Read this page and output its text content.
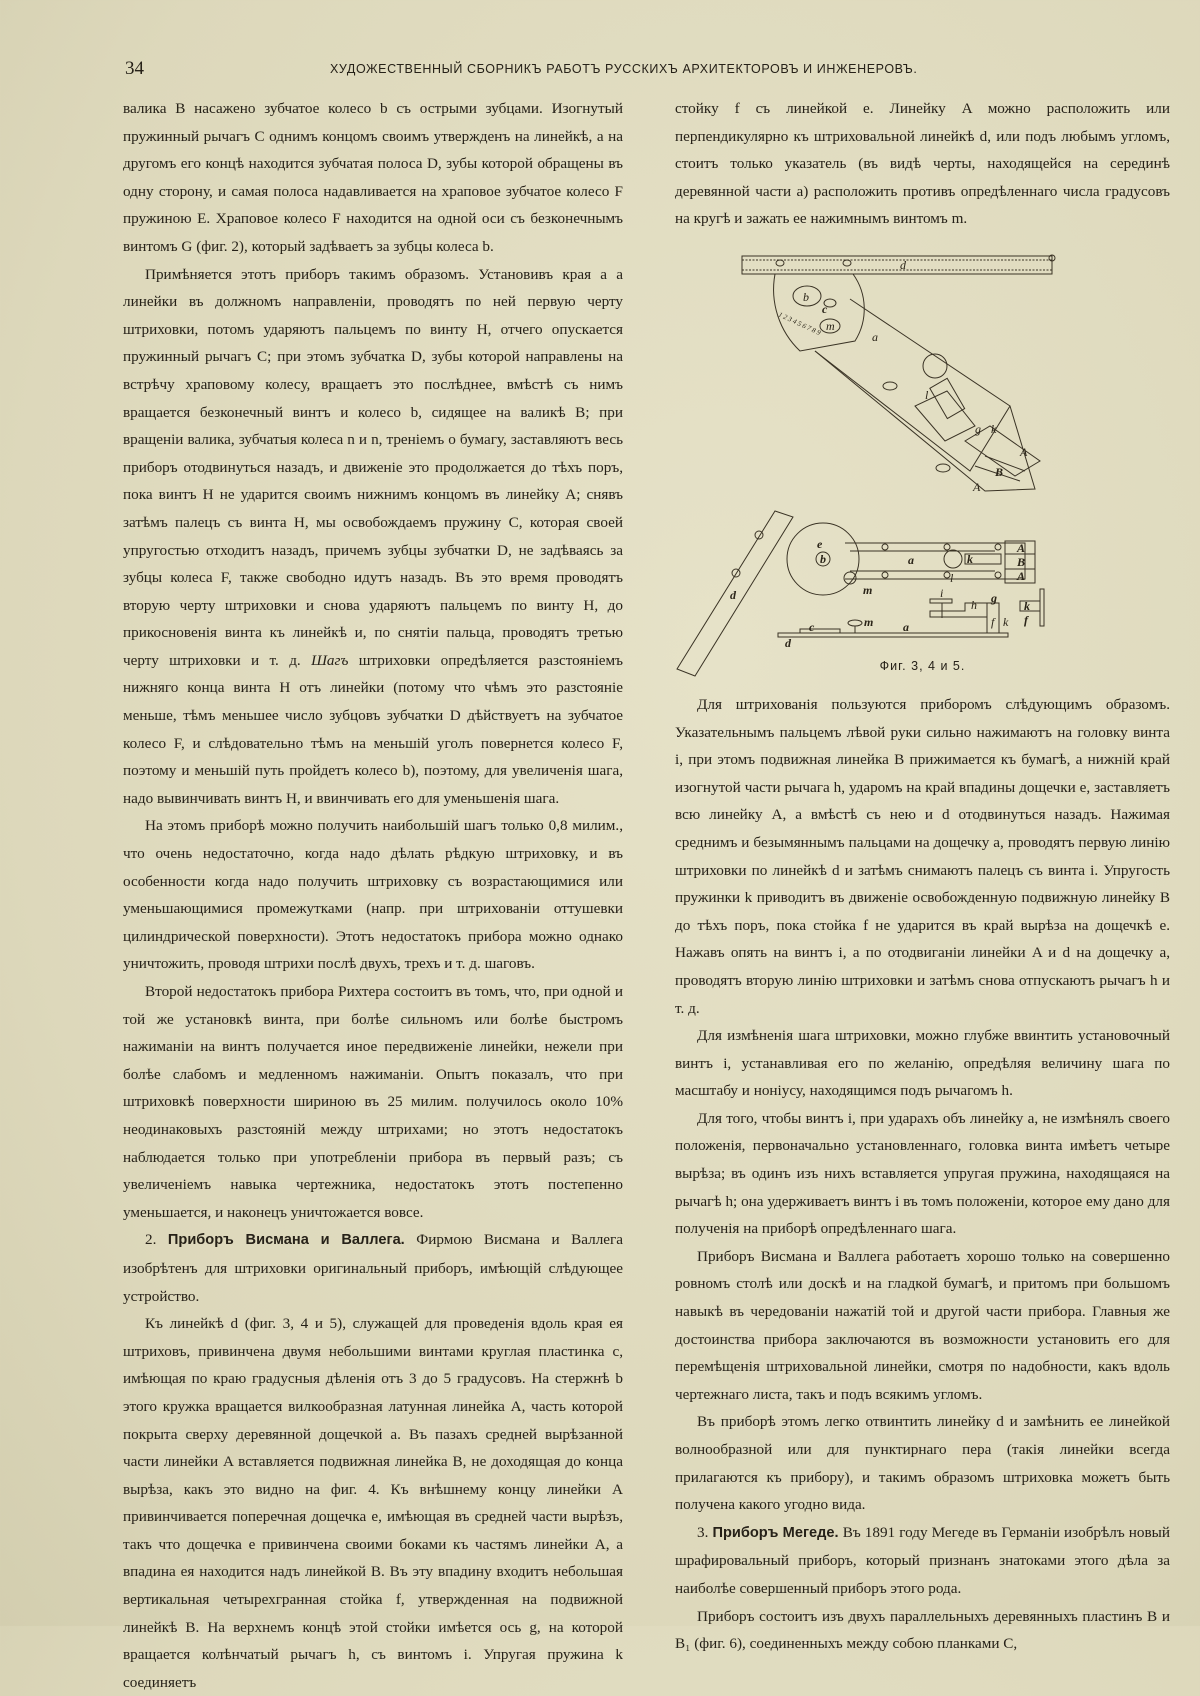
34	ХУДОЖЕСТВЕННЫЙ СБОРНИКЪ РАБОТЪ РУССКИХЪ АРХИТЕКТОРОВЪ И ИНЖЕНЕРОВЪ.

валика В насажено зубчатое колесо b съ острыми зубцами. Изогнутый пружинный рычагъ С однимъ концомъ своимъ утвержденъ на линейкѣ, а на другомъ его концѣ находится зубчатая полоса D, зубы которой обращены въ одну сторону, и самая полоса надавливается на храповое зубчатое колесо F пружиною E. Храповое колесо F находится на одной оси съ безконечнымъ винтомъ G (фиг. 2), который задѣваетъ за зубцы колеса b.

Примѣняется этотъ приборъ такимъ образомъ. Установивъ края a a линейки въ должномъ направленіи, проводятъ по ней первую черту штриховки, потомъ ударяютъ пальцемъ по винту H, отчего опускается пружинный рычагъ C; при этомъ зубчатка D, зубы которой направлены на встрѣчу храповому колесу, вращаетъ это послѣднее, вмѣстѣ съ нимъ вращается безконечный винтъ и колесо b, сидящее на валикѣ B; при вращеніи валика, зубчатыя колеса n и n, треніемъ о бумагу, заставляютъ весь приборъ отодвинуться назадъ, и движеніе это продолжается до тѣхъ поръ, пока винтъ H не ударится своимъ нижнимъ концомъ въ линейку A; снявъ затѣмъ палецъ съ винта H, мы освобождаемъ пружину C, которая своей упругостью отходитъ назадъ, причемъ зубцы зубчатки D, не задѣваясь за зубцы колеса F, также свободно идутъ назадъ. Въ это время проводятъ вторую черту штриховки и снова ударяютъ пальцемъ по винту H, до прикосновенія винта къ линейкѣ и, по снятіи пальца, проводятъ третью черту штриховки и т. д. Шагъ штриховки опредѣляется разстояніемъ нижняго конца винта H отъ линейки (потому что чѣмъ это разстояніе меньше, тѣмъ меньшее число зубцовъ зубчатки D дѣйствуетъ на зубчатое колесо F, и слѣдовательно тѣмъ на меньшій уголъ повернется колесо F, поэтому и меньшій путь пройдетъ колесо b), поэтому, для увеличенія шага, надо вывинчивать винтъ H, и ввинчивать его для уменьшенія шага.

На этомъ приборѣ можно получить наибольшій шагъ только 0,8 милим., что очень недостаточно, когда надо дѣлать рѣдкую штриховку, и въ особенности когда надо получить штриховку съ возрастающимися или уменьшающимися промежутками (напр. при штрихованіи оттушевки цилиндрической поверхности). Этотъ недостатокъ прибора можно однако уничтожить, проводя штрихи послѣ двухъ, трехъ и т. д. шаговъ.

Второй недостатокъ прибора Рихтера состоитъ въ томъ, что, при одной и той же установкѣ винта, при болѣе сильномъ или болѣе быстромъ нажиманіи на винтъ получается иное передвиженіе линейки, нежели при болѣе слабомъ и медленномъ нажиманіи. Опытъ показалъ, что при штриховкѣ поверхности шириною въ 25 милим. получилось около 10% неодинаковыхъ разстояній между штрихами; но этотъ недостатокъ наблюдается только при употребленіи прибора въ первый разъ; съ увеличеніемъ навыка чертежника, недостатокъ этотъ постепенно уменьшается, и наконецъ уничтожается вовсе.

2. Приборъ Висмана и Валлега. Фирмою Висмана и Валлега изобрѣтенъ для штриховки оригинальный приборъ, имѣющій слѣдующее устройство.

Къ линейкѣ d (фиг. 3, 4 и 5), служащей для проведенія вдоль края ея штриховъ, привинчена двумя небольшими винтами круглая пластинка c, имѣющая по краю градусныя дѣленія отъ 3 до 5 градусовъ. На стержнѣ b этого кружка вращается вилкообразная латунная линейка A, часть которой покрыта сверху деревянной дощечкой a. Въ пазахъ средней вырѣзанной части линейки A вставляется подвижная линейка B, не доходящая до конца вырѣза, какъ это видно на фиг. 4. Къ внѣшнему концу линейки A привинчивается поперечная дощечка e, имѣющая въ средней части вырѣзъ, такъ что дощечка e привинчена своими боками къ частямъ линейки A, а впадина ея находится надъ линейкой B. Въ эту впадину входитъ небольшая вертикальная четырехгранная стойка f, утвержденная на подвижной линейкѣ B. На верхнемъ концѣ этой стойки имѣется ось g, на которой вращается колѣнчатый рычагъ h, съ винтомъ i. Упругая пружина k соединяетъ

стойку f съ линейкой e. Линейку A можно расположить или перпендикулярно къ штриховальной линейкѣ d, или подъ любымъ угломъ, стоитъ только указатель (въ видѣ черты, находящейся на серединѣ деревянной части a) расположить противъ опредѣленнаго числа градусовъ на кругѣ и зажать ее нажимнымъ винтомъ m.

d
b
c
m
a
g k
l
A
B
A
1 2 3 4 5 6 7 8 9
e
b	a	k
l
m
A
B
A
d
c	m a
d
i
h g
f k
k
f
Фиг. 3, 4 и 5.

Для штрихованія пользуются приборомъ слѣдующимъ образомъ. Указательнымъ пальцемъ лѣвой руки сильно нажимаютъ на головку винта i, при этомъ подвижная линейка B прижимается къ бумагѣ, а нижній край изогнутой части рычага h, ударомъ на край впадины дощечки e, заставляетъ всю линейку A, а вмѣстѣ съ нею и d отодвинуться назадъ. Нажимая среднимъ и безымяннымъ пальцами на дощечку a, проводятъ первую линію штриховки по линейкѣ d и затѣмъ снимаютъ палецъ съ винта i. Упругость пружинки k приводитъ въ движеніе освобожденную подвижную линейку B до тѣхъ поръ, пока стойка f не ударится въ край вырѣза на дощечкѣ e. Нажавъ опять на винтъ i, а по отодвиганіи линейки A и d на дощечку a, проводятъ вторую линію штриховки и затѣмъ снова отпускаютъ рычагъ h и т. д.

Для измѣненія шага штриховки, можно глубже ввинтить установочный винтъ i, устанавливая его по желанію, опредѣляя величину шага по масштабу и ноніусу, находящимся подъ рычагомъ h.

Для того, чтобы винтъ i, при ударахъ объ линейку a, не измѣнялъ своего положенія, первоначально установленнаго, головка винта имѣетъ четыре вырѣза; въ одинъ изъ нихъ вставляется упругая пружина, находящаяся на рычагѣ h; она удерживаетъ винтъ i въ томъ положеніи, которое ему дано для полученія на приборѣ опредѣленнаго шага.

Приборъ Висмана и Валлега работаетъ хорошо только на совершенно ровномъ столѣ или доскѣ и на гладкой бумагѣ, и притомъ при большомъ навыкѣ въ чередованіи нажатій той и другой части прибора. Главныя же достоинства прибора заключаются въ возможности установить его для перемѣщенія штриховальной линейки, смотря по надобности, какъ вдоль чертежнаго листа, такъ и подъ всякимъ угломъ.

Въ приборѣ этомъ легко отвинтить линейку d и замѣнить ее линейкой волнообразной или для пунктирнаго пера (такія линейки всегда прилагаются къ прибору), и такимъ образомъ штриховка можетъ быть получена какого угодно вида.

3. Приборъ Мегеде. Въ 1891 году Мегеде въ Германіи изобрѣлъ новый шрафировальный приборъ, который признанъ знатоками этого дѣла за наиболѣе совершенный приборъ этого рода.

Приборъ состоитъ изъ двухъ параллельныхъ деревянныхъ пластинъ B и B₁ (фиг. 6), соединенныхъ между собою планками C,
